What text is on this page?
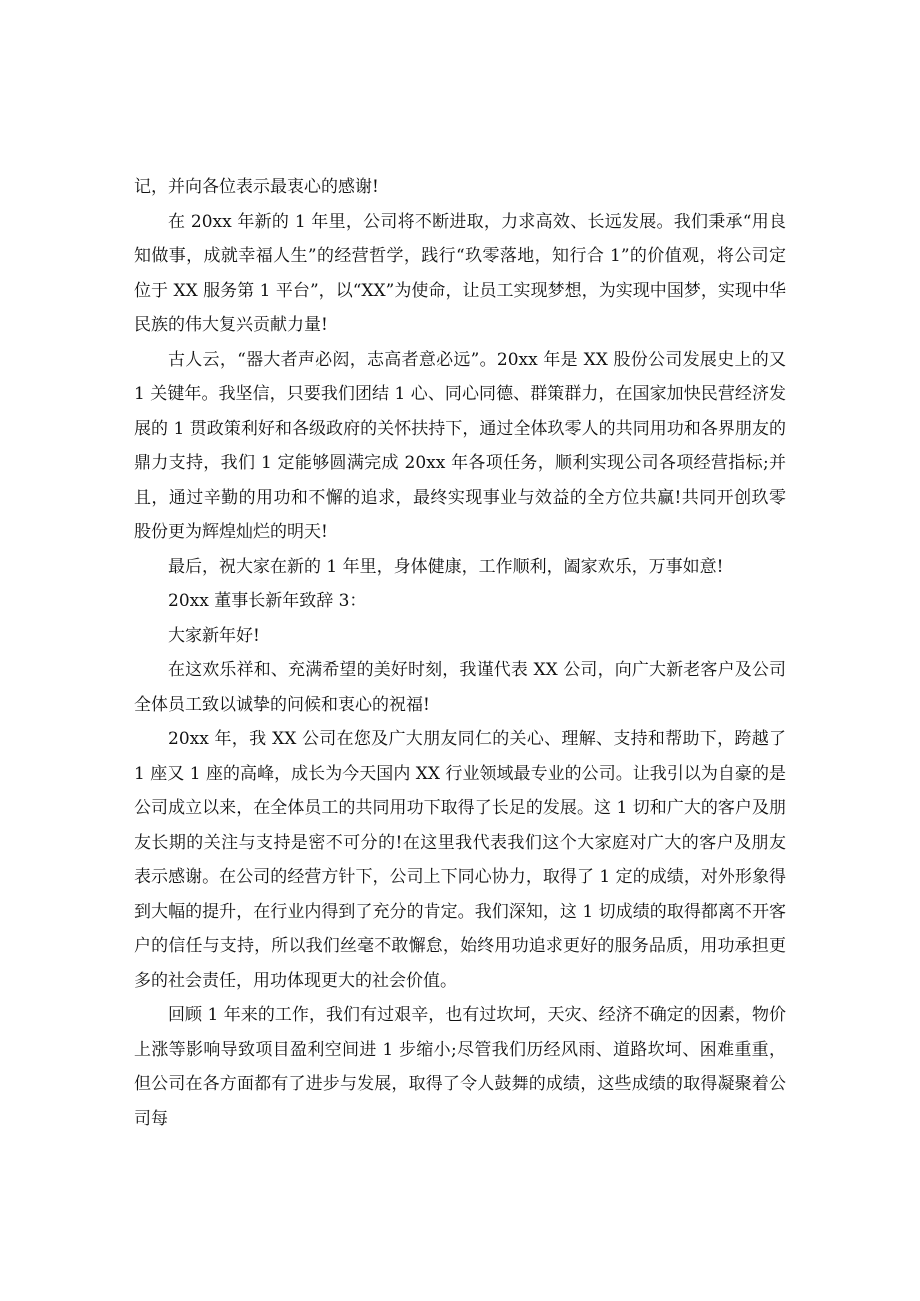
记，并向各位表示最衷心的感谢!

在 20xx 年新的 1 年里，公司将不断进取，力求高效、长远发展。我们秉承“用良知做事，成就幸福人生”的经营哲学，践行“玖零落地，知行合 1”的价值观，将公司定位于 XX 服务第 1 平台”，以“XX”为使命，让员工实现梦想，为实现中国梦，实现中华民族的伟大复兴贡献力量!

古人云，“器大者声必闳，志高者意必远”。20xx 年是 XX 股份公司发展史上的又 1 关键年。我坚信，只要我们团结 1 心、同心同德、群策群力，在国家加快民营经济发展的 1 贯政策利好和各级政府的关怀扶持下，通过全体玖零人的共同用功和各界朋友的鼎力支持，我们 1 定能够圆满完成 20xx 年各项任务，顺利实现公司各项经营指标;并且，通过辛勤的用功和不懈的追求，最终实现事业与效益的全方位共赢!共同开创玖零股份更为辉煌灿烂的明天!

最后，祝大家在新的 1 年里，身体健康，工作顺利，阖家欢乐，万事如意!

20xx 董事长新年致辞 3：

大家新年好!

在这欢乐祥和、充满希望的美好时刻，我谨代表 XX 公司，向广大新老客户及公司全体员工致以诚挚的问候和衷心的祝福!

20xx 年，我 XX 公司在您及广大朋友同仁的关心、理解、支持和帮助下，跨越了 1 座又 1 座的高峰，成长为今天国内 XX 行业领域最专业的公司。让我引以为自豪的是公司成立以来，在全体员工的共同用功下取得了长足的发展。这 1 切和广大的客户及朋友长期的关注与支持是密不可分的!在这里我代表我们这个大家庭对广大的客户及朋友表示感谢。在公司的经营方针下，公司上下同心协力，取得了 1 定的成绩，对外形象得到大幅的提升，在行业内得到了充分的肯定。我们深知，这 1 切成绩的取得都离不开客户的信任与支持，所以我们丝毫不敢懈怠，始终用功追求更好的服务品质，用功承担更多的社会责任，用功体现更大的社会价值。

回顾 1 年来的工作，我们有过艰辛，也有过坎坷，天灾、经济不确定的因素，物价上涨等影响导致项目盈利空间进 1 步缩小;尽管我们历经风雨、道路坎坷、困难重重，但公司在各方面都有了进步与发展，取得了令人鼓舞的成绩，这些成绩的取得凝聚着公司每
